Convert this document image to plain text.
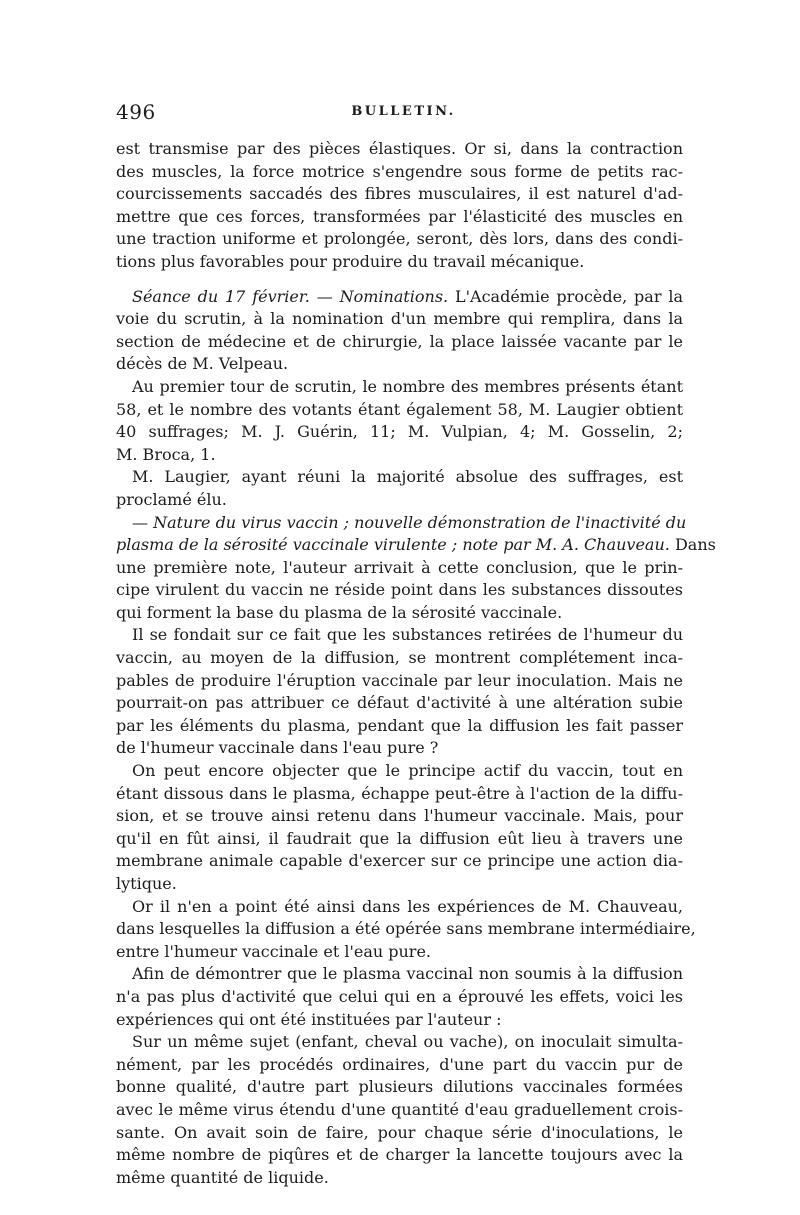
496	BULLETIN.
est transmise par des pièces élastiques. Or si, dans la contraction
des muscles, la force motrice s'engendre sous forme de petits rac-
courcissements saccadés des fibres musculaires, il est naturel d'ad-
mettre que ces forces, transformées par l'élasticité des muscles en
une traction uniforme et prolongée, seront, dès lors, dans des condi-
tions plus favorables pour produire du travail mécanique.
Séance du 17 février. — Nominations. L'Académie procède, par la
voie du scrutin, à la nomination d'un membre qui remplira, dans la
section de médecine et de chirurgie, la place laissée vacante par le
décès de M. Velpeau.
Au premier tour de scrutin, le nombre des membres présents étant
58, et le nombre des votants étant également 58, M. Laugier obtient
40 suffrages; M. J. Guérin, 11; M. Vulpian, 4; M. Gosselin, 2;
M. Broca, 1.
M. Laugier, ayant réuni la majorité absolue des suffrages, est
proclamé élu.
— Nature du virus vaccin ; nouvelle démonstration de l'inactivité du
plasma de la sérosité vaccinale virulente ; note par M. A. Chauveau. Dans
une première note, l'auteur arrivait à cette conclusion, que le prin-
cipe virulent du vaccin ne réside point dans les substances dissoutes
qui forment la base du plasma de la sérosité vaccinale.
Il se fondait sur ce fait que les substances retirées de l'humeur du
vaccin, au moyen de la diffusion, se montrent complétement inca-
pables de produire l'éruption vaccinale par leur inoculation. Mais ne
pourrait-on pas attribuer ce défaut d'activité à une altération subie
par les éléments du plasma, pendant que la diffusion les fait passer
de l'humeur vaccinale dans l'eau pure ?
On peut encore objecter que le principe actif du vaccin, tout en
étant dissous dans le plasma, échappe peut-être à l'action de la diffu-
sion, et se trouve ainsi retenu dans l'humeur vaccinale. Mais, pour
qu'il en fût ainsi, il faudrait que la diffusion eût lieu à travers une
membrane animale capable d'exercer sur ce principe une action dia-
lytique.
Or il n'en a point été ainsi dans les expériences de M. Chauveau,
dans lesquelles la diffusion a été opérée sans membrane intermédiaire,
entre l'humeur vaccinale et l'eau pure.
Afin de démontrer que le plasma vaccinal non soumis à la diffusion
n'a pas plus d'activité que celui qui en a éprouvé les effets, voici les
expériences qui ont été instituées par l'auteur :
Sur un même sujet (enfant, cheval ou vache), on inoculait simulta-
nément, par les procédés ordinaires, d'une part du vaccin pur de
bonne qualité, d'autre part plusieurs dilutions vaccinales formées
avec le même virus étendu d'une quantité d'eau graduellement crois-
sante. On avait soin de faire, pour chaque série d'inoculations, le
même nombre de piqûres et de charger la lancette toujours avec la
même quantité de liquide.
